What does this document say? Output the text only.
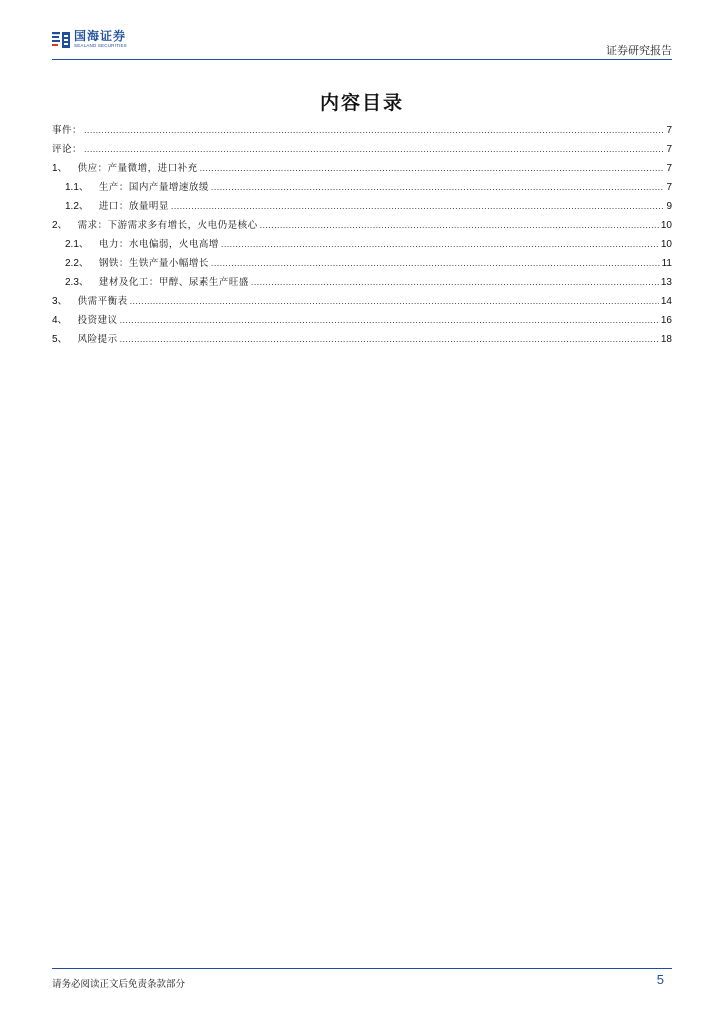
国海证券
SEALAND SECURITIES	证券研究报告
内容目录
事件： .....	7
评论： .....	7
1、 供应：产量微增，进口补充 .....	7
1.1、 生产：国内产量增速放缓 .....	7
1.2、 进口：放量明显 .....	9
2、 需求：下游需求多有增长，火电仍是核心 .....	10
2.1、 电力：水电偏弱，火电高增 .....	10
2.2、 钢铁：生铁产量小幅增长 .....	11
2.3、 建材及化工：甲醇、尿素生产旺盛 .....	13
3、 供需平衡表 .....	14
4、 投资建议 .....	16
5、 风险提示 .....	18
请务必阅读正文后免责条款部分	5
